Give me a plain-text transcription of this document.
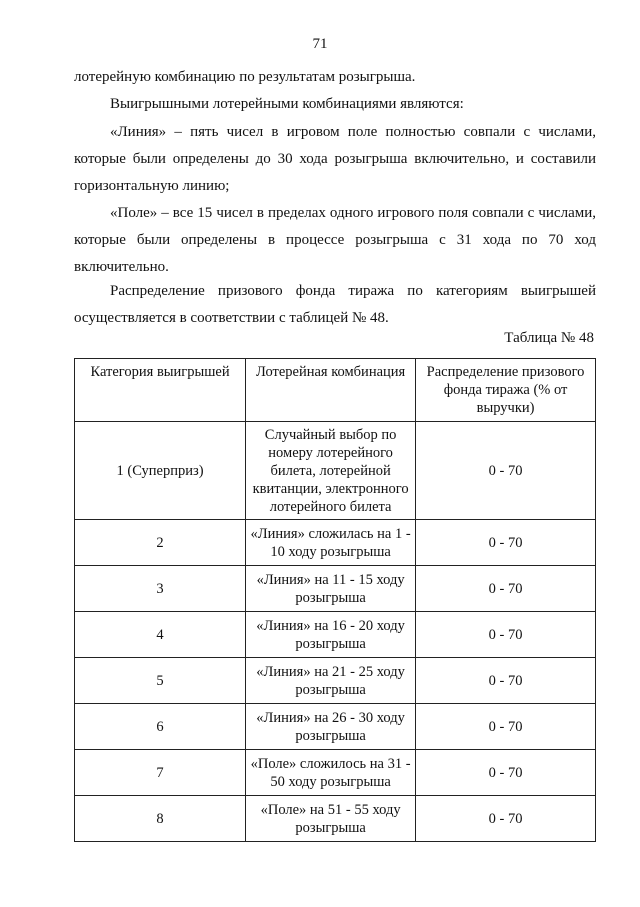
71

лотерейную комбинацию по результатам розыгрыша.

Выигрышными лотерейными комбинациями являются:

«Линия» – пять чисел в игровом поле полностью совпали с числами, которые были определены до 30 хода розыгрыша включительно, и составили горизонтальную линию;

«Поле» – все 15 чисел в пределах одного игрового поля совпали с числами, которые были определены в процессе розыгрыша с 31 хода по 70 ход включительно.

Распределение призового фонда тиража по категориям выигрышей осуществляется в соответствии с таблицей № 48.

Таблица № 48
Категория выигрышей	Лотерейная комбинация	Распределение призового фонда тиража (% от выручки)
1 (Суперприз)	Случайный выбор по номеру лотерейного билета, лотерейной квитанции, электронного лотерейного билета	0 - 70
2	«Линия» сложилась на 1 - 10 ходу розыгрыша	0 - 70
3	«Линия» на 11 - 15 ходу розыгрыша	0 - 70
4	«Линия» на 16 - 20 ходу розыгрыша	0 - 70
5	«Линия» на 21 - 25 ходу розыгрыша	0 - 70
6	«Линия» на 26 - 30 ходу розыгрыша	0 - 70
7	«Поле» сложилось на 31 - 50 ходу розыгрыша	0 - 70
8	«Поле» на 51 - 55 ходу розыгрыша	0 - 70
